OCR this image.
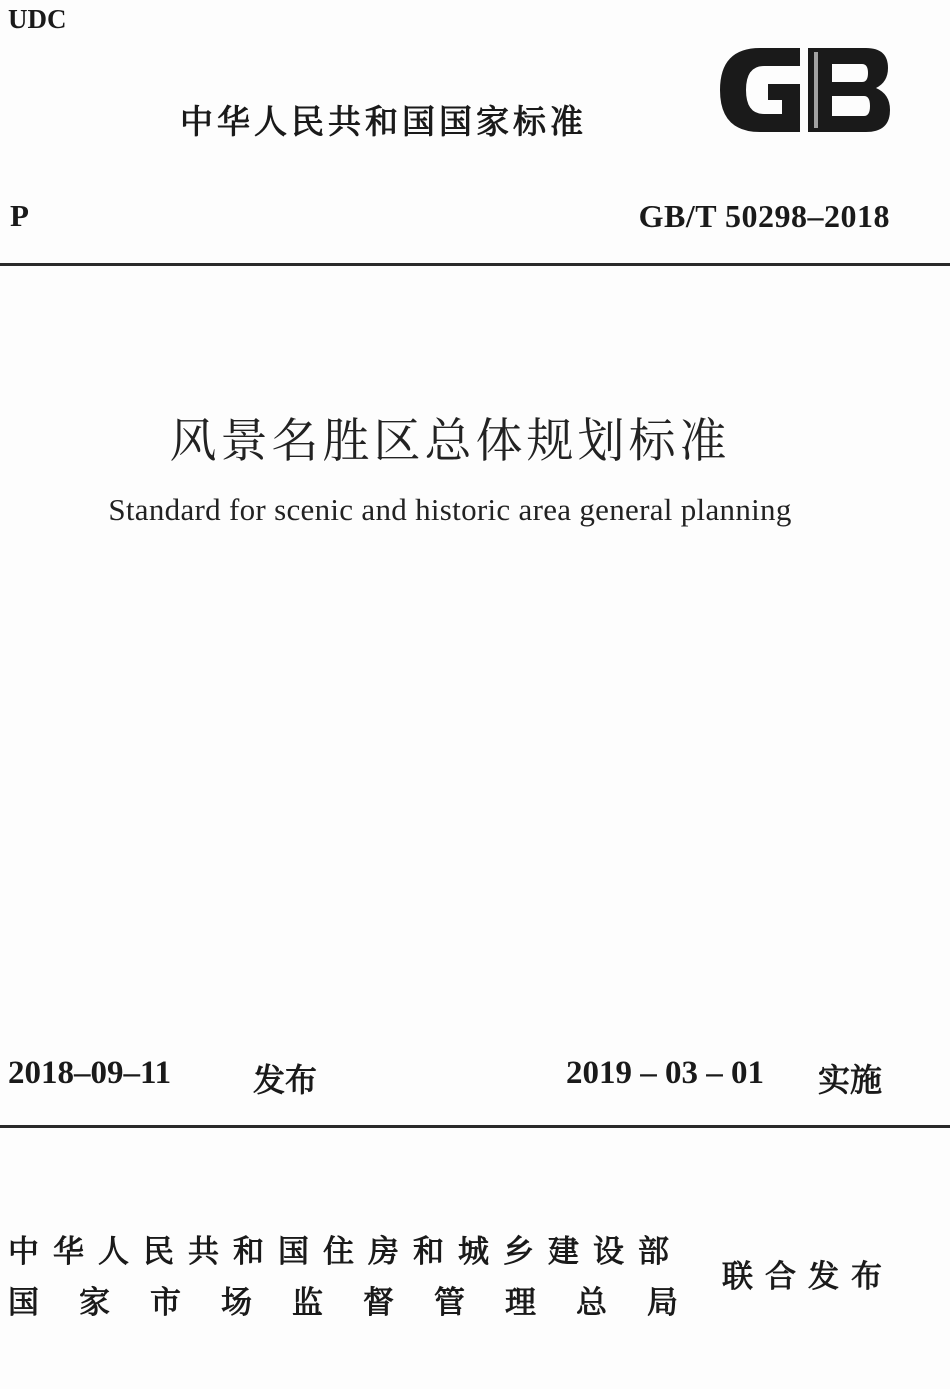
UDC
中华人民共和国国家标准
P	GB/T 50298–2018
风景名胜区总体规划标准
Standard for scenic and historic area general planning
2018–09–11	发布	2019 – 03 – 01 实施
中华人民共和国住房和城乡建设部
国家市场监督管理总局
联合发布
